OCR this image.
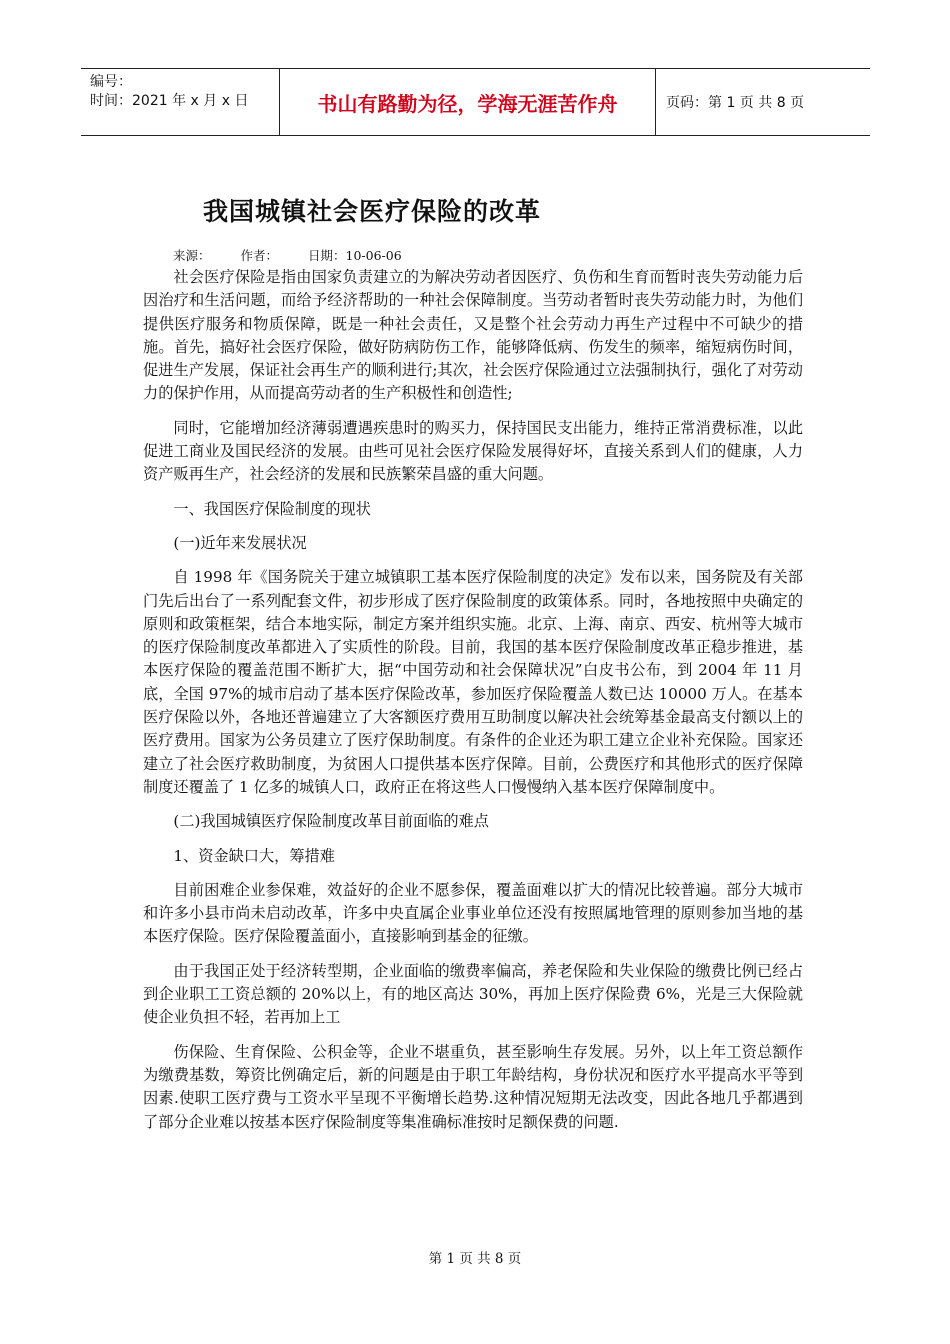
编号：
时间：2021 年 x 月 x 日	书山有路勤为径，学海无涯苦作舟	页码：第 1 页 共 8 页
我国城镇社会医疗保险的改革
来源： 作者： 日期：10-06-06

社会医疗保险是指由国家负责建立的为解决劳动者因医疗、负伤和生育而暂时丧失劳动能力后因治疗和生活问题，而给予经济帮助的一种社会保障制度。当劳动者暂时丧失劳动能力时，为他们提供医疗服务和物质保障，既是一种社会责任，又是整个社会劳动力再生产过程中不可缺少的措施。首先，搞好社会医疗保险，做好防病防伤工作，能够降低病、伤发生的频率，缩短病伤时间，促进生产发展，保证社会再生产的顺利进行;其次，社会医疗保险通过立法强制执行，强化了对劳动力的保护作用，从而提高劳动者的生产积极性和创造性;

同时，它能增加经济薄弱遭遇疾患时的购买力，保持国民支出能力，维持正常消费标准，以此促进工商业及国民经济的发展。由些可见社会医疗保险发展得好坏，直接关系到人们的健康，人力资产贩再生产，社会经济的发展和民族繁荣昌盛的重大问题。

一、我国医疗保险制度的现状

(一)近年来发展状况

自 1998 年《国务院关于建立城镇职工基本医疗保险制度的决定》发布以来，国务院及有关部门先后出台了一系列配套文件，初步形成了医疗保险制度的政策体系。同时，各地按照中央确定的原则和政策框架，结合本地实际，制定方案并组织实施。北京、上海、南京、西安、杭州等大城市的医疗保险制度改革都进入了实质性的阶段。目前，我国的基本医疗保险制度改革正稳步推进，基本医疗保险的覆盖范围不断扩大，据“中国劳动和社会保障状况”白皮书公布，到 2004 年 11 月底，全国 97%的城市启动了基本医疗保险改革，参加医疗保险覆盖人数已达 10000 万人。在基本医疗保险以外，各地还普遍建立了大客额医疗费用互助制度以解决社会统筹基金最高支付额以上的医疗费用。国家为公务员建立了医疗保助制度。有条件的企业还为职工建立企业补充保险。国家还建立了社会医疗救助制度，为贫困人口提供基本医疗保障。目前，公费医疗和其他形式的医疗保障制度还覆盖了 1 亿多的城镇人口，政府正在将这些人口慢慢纳入基本医疗保障制度中。

(二)我国城镇医疗保险制度改革目前面临的难点

1、资金缺口大，筹措难

目前困难企业参保难，效益好的企业不愿参保，覆盖面难以扩大的情况比较普遍。部分大城市和许多小县市尚未启动改革，许多中央直属企业事业单位还没有按照属地管理的原则参加当地的基本医疗保险。医疗保险覆盖面小，直接影响到基金的征缴。

由于我国正处于经济转型期，企业面临的缴费率偏高，养老保险和失业保险的缴费比例已经占到企业职工工资总额的 20%以上，有的地区高达 30%，再加上医疗保险费 6%，光是三大保险就使企业负担不轻，若再加上工

伤保险、生育保险、公积金等，企业不堪重负，甚至影响生存发展。另外，以上年工资总额作为缴费基数，筹资比例确定后，新的问题是由于职工年龄结构，身份状况和医疗水平提高水平等到因素.使职工医疗费与工资水平呈现不平衡增长趋势.这种情况短期无法改变，因此各地几乎都遇到了部分企业难以按基本医疗保险制度等集准确标准按时足额保费的问题.

第 1 页 共 8 页
